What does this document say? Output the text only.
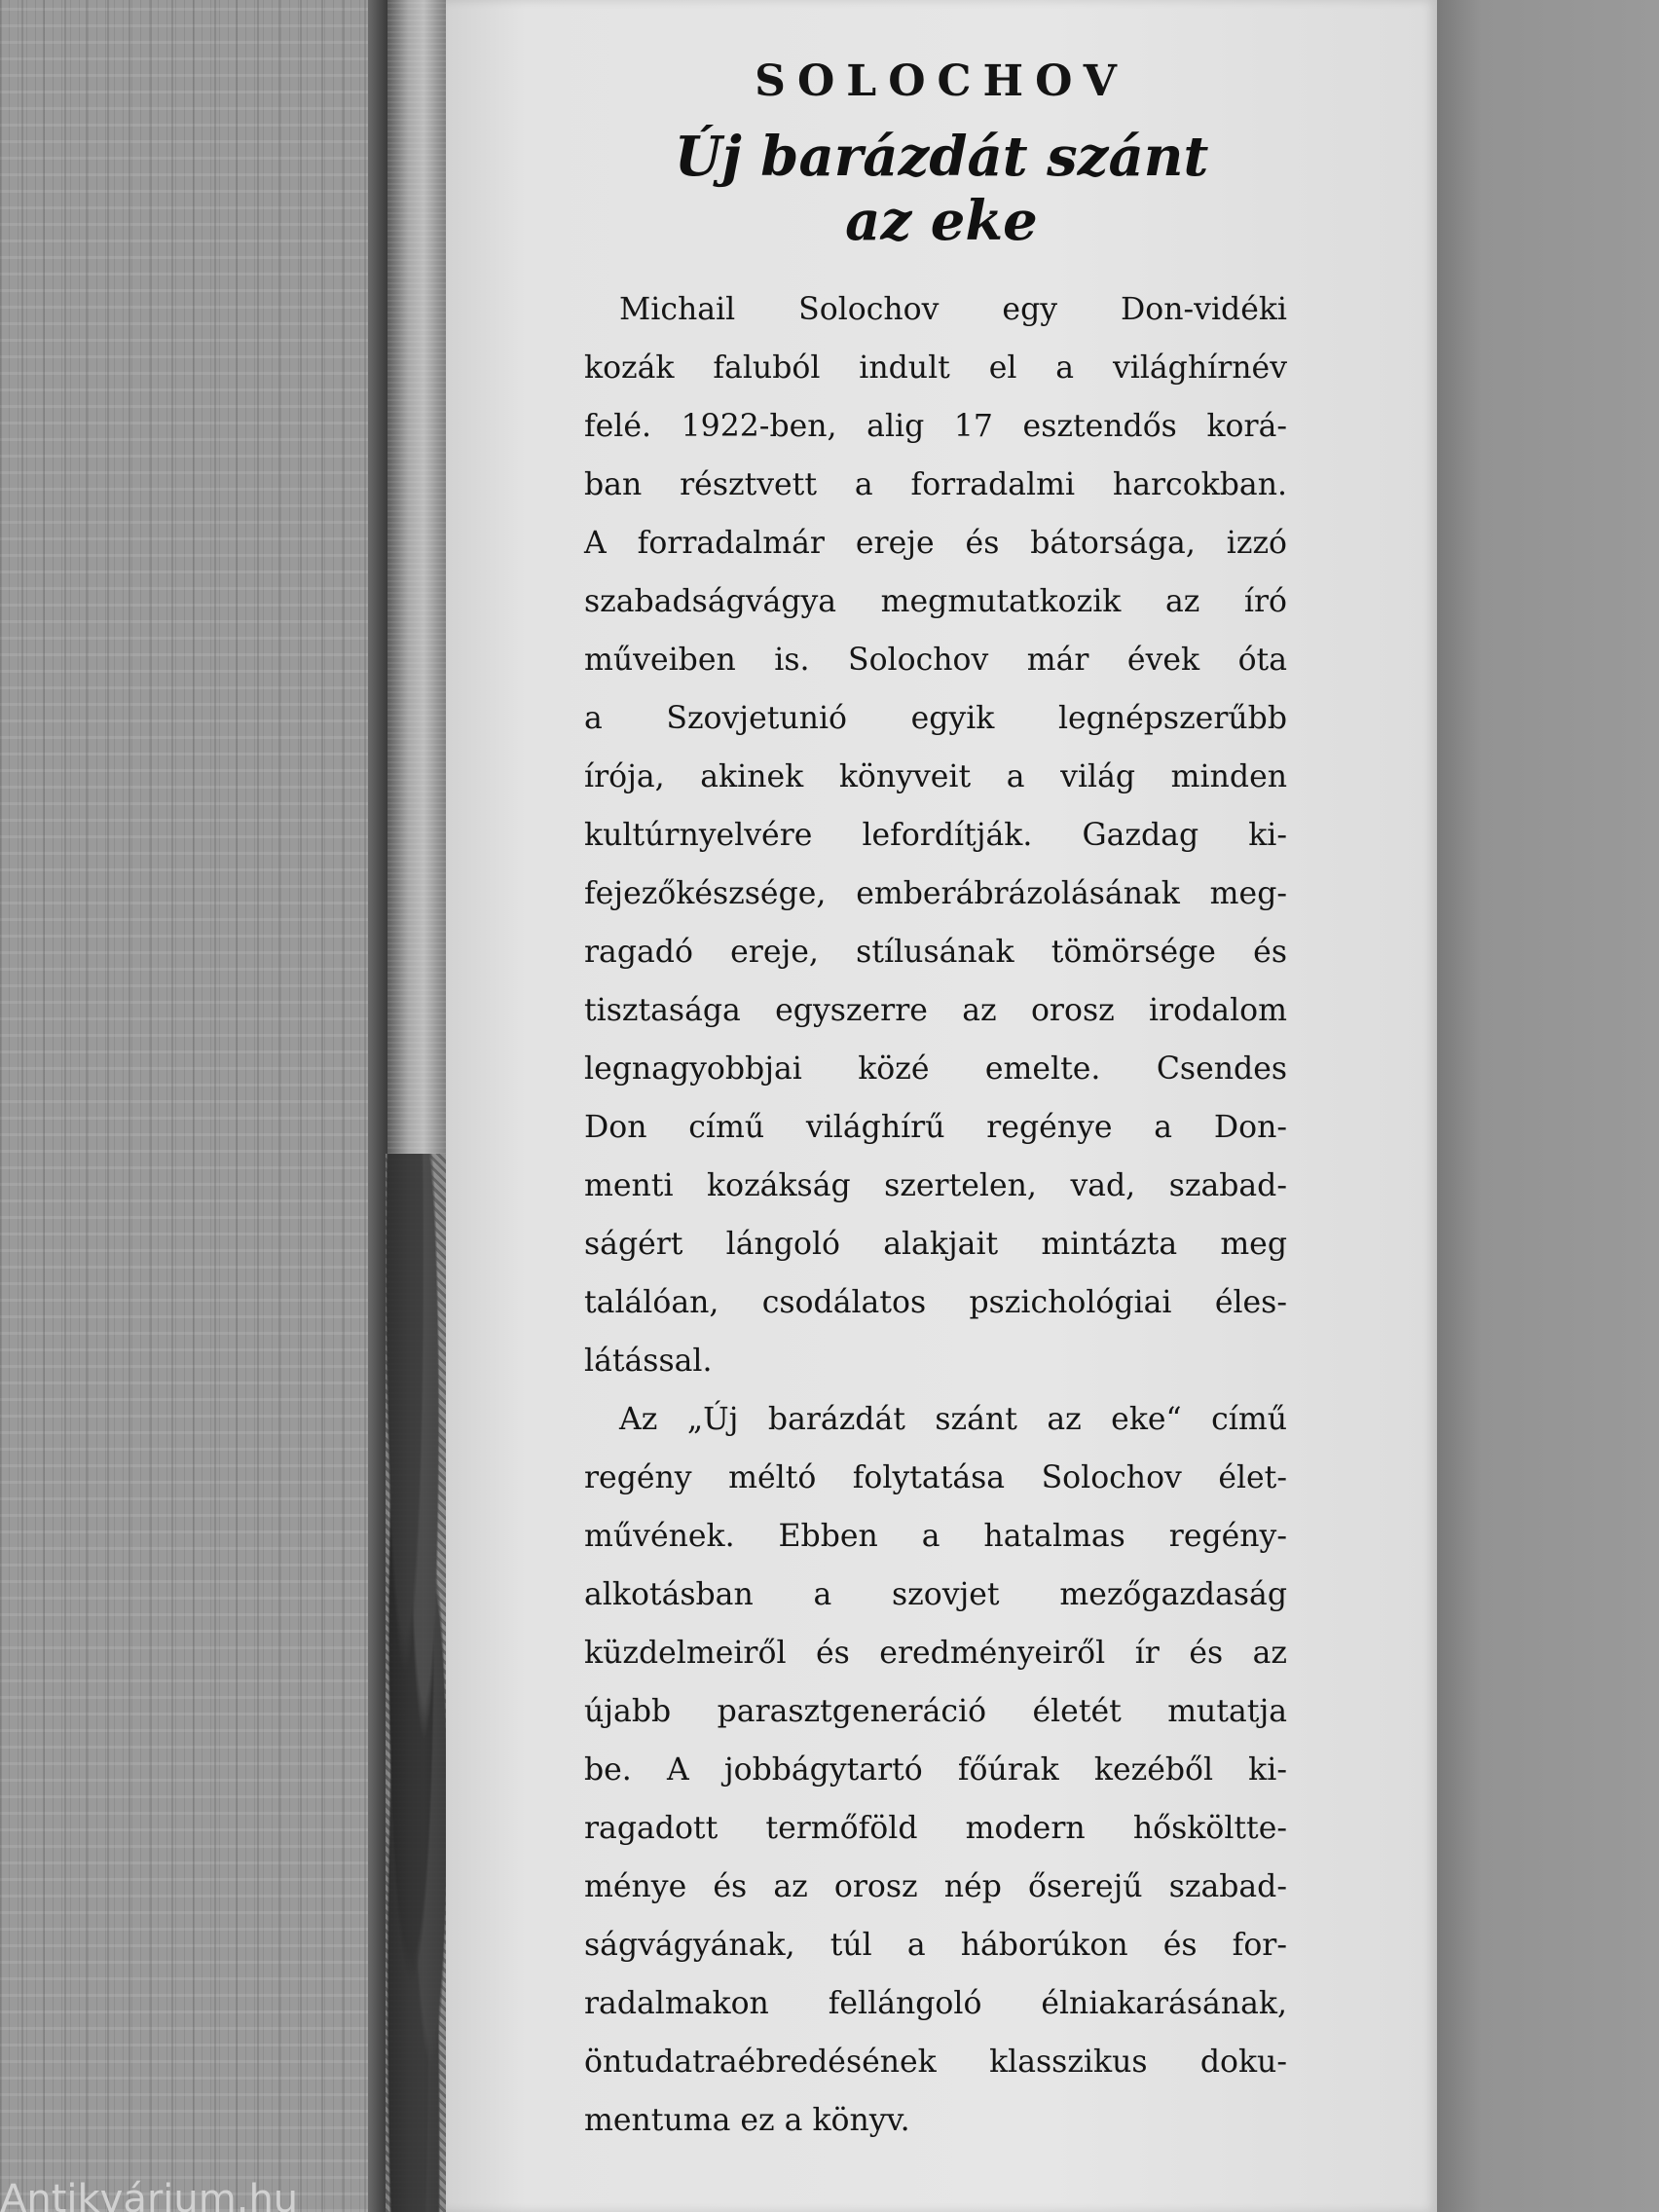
SOLOCHOV
Új barázdát szánt
az eke
Michail Solochov egy Don-vidéki
kozák faluból indult el a világhírnév
felé. 1922-ben, alig 17 esztendős korá-
ban résztvett a forradalmi harcokban.
A forradalmár ereje és bátorsága, izzó
szabadságvágya megmutatkozik az író
műveiben is. Solochov már évek óta
a Szovjetunió egyik legnépszerűbb
írója, akinek könyveit a világ minden
kultúrnyelvére lefordítják. Gazdag ki-
fejezőkészsége, emberábrázolásának meg-
ragadó ereje, stílusának tömörsége és
tisztasága egyszerre az orosz irodalom
legnagyobbjai közé emelte. Csendes
Don című világhírű regénye a Don-
menti kozákság szertelen, vad, szabad-
ságért lángoló alakjait mintázta meg
találóan, csodálatos pszichológiai éles-
látással.
Az „Új barázdát szánt az eke“ című
regény méltó folytatása Solochov élet-
művének. Ebben a hatalmas regény-
alkotásban a szovjet mezőgazdaság
küzdelmeiről és eredményeiről ír és az
újabb parasztgeneráció életét mutatja
be. A jobbágytartó főúrak kezéből ki-
ragadott termőföld modern hősköltte-
ménye és az orosz nép őserejű szabad-
ságvágyának, túl a háborúkon és for-
radalmakon fellángoló élniakarásának,
öntudatraébredésének klasszikus doku-
mentuma ez a könyv.
Antikvárium.hu
